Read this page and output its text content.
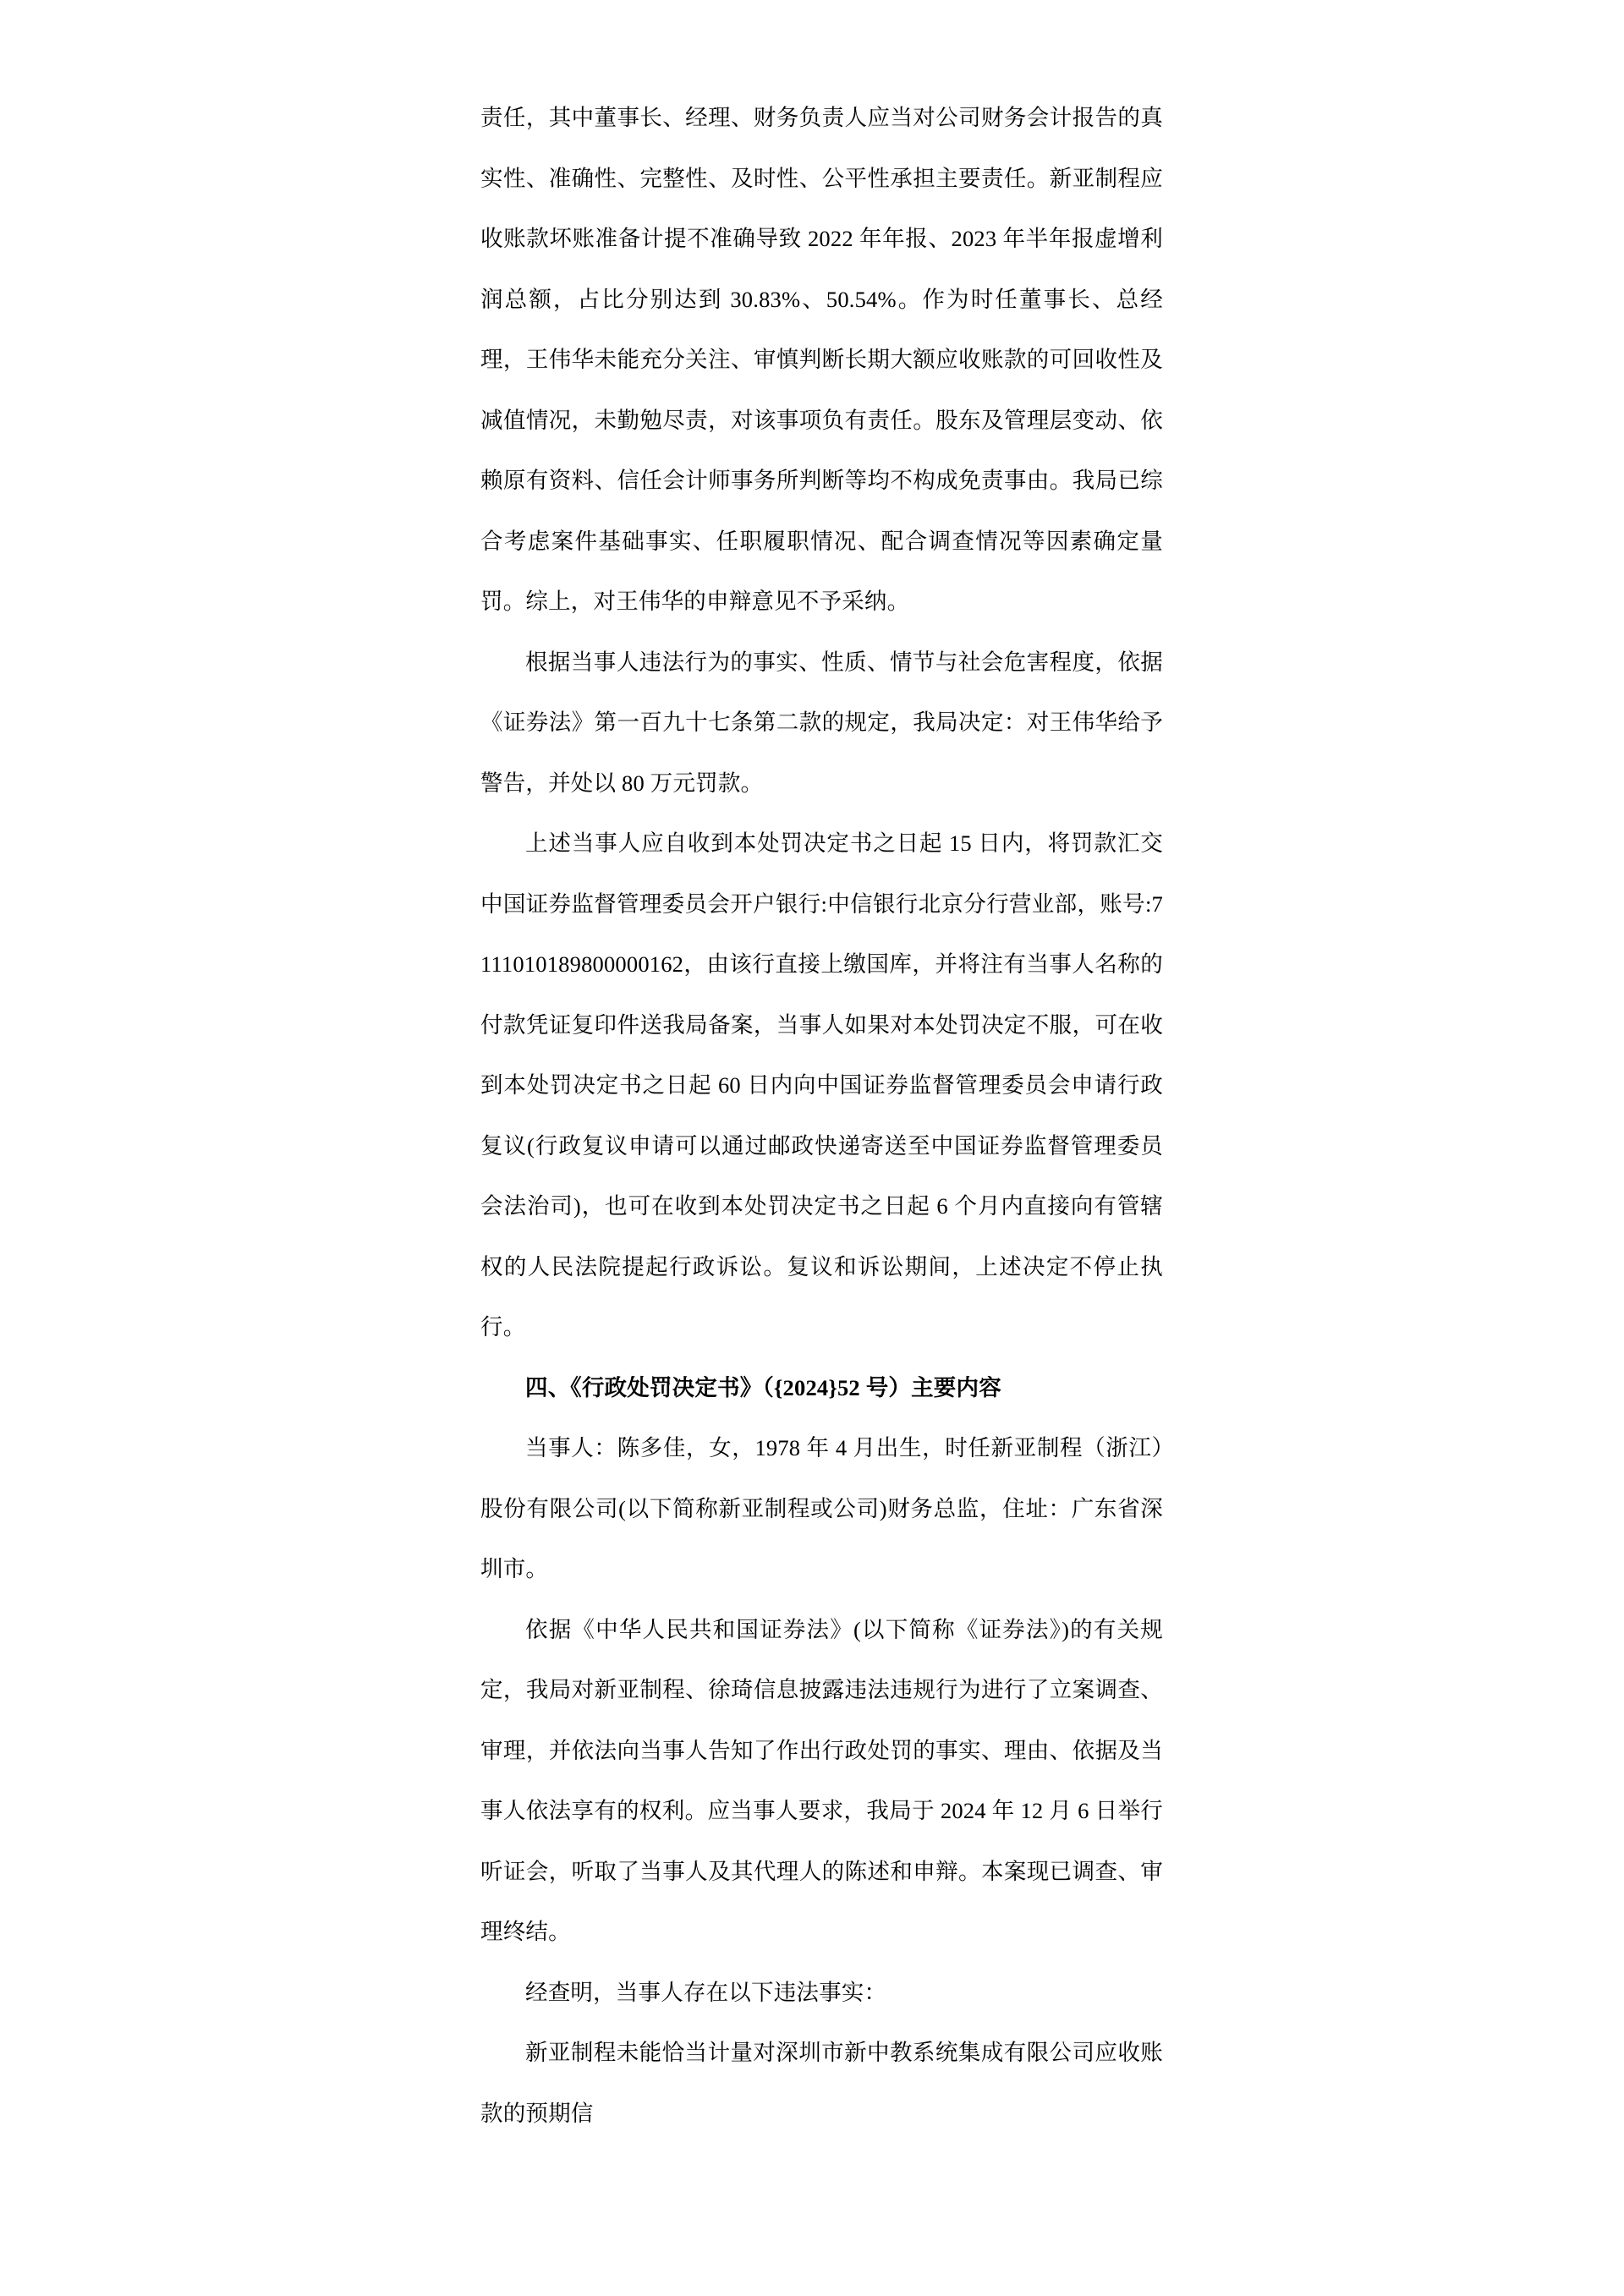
责任，其中董事长、经理、财务负责人应当对公司财务会计报告的真实性、准确性、完整性、及时性、公平性承担主要责任。新亚制程应收账款坏账准备计提不准确导致 2022 年年报、2023 年半年报虚增利润总额，占比分别达到 30.83%、50.54%。作为时任董事长、总经理，王伟华未能充分关注、审慎判断长期大额应收账款的可回收性及减值情况，未勤勉尽责，对该事项负有责任。股东及管理层变动、依赖原有资料、信任会计师事务所判断等均不构成免责事由。我局已综合考虑案件基础事实、任职履职情况、配合调查情况等因素确定量罚。综上，对王伟华的申辩意见不予采纳。

根据当事人违法行为的事实、性质、情节与社会危害程度，依据《证券法》第一百九十七条第二款的规定，我局决定：对王伟华给予警告，并处以 80 万元罚款。

上述当事人应自收到本处罚决定书之日起 15 日内，将罚款汇交中国证券监督管理委员会开户银行:中信银行北京分行营业部，账号:7111010189800000162，由该行直接上缴国库，并将注有当事人名称的付款凭证复印件送我局备案，当事人如果对本处罚决定不服，可在收到本处罚决定书之日起 60 日内向中国证券监督管理委员会申请行政复议(行政复议申请可以通过邮政快递寄送至中国证券监督管理委员会法治司)，也可在收到本处罚决定书之日起 6 个月内直接向有管辖权的人民法院提起行政诉讼。复议和诉讼期间，上述决定不停止执行。

四、《行政处罚决定书》（{2024}52 号）主要内容

当事人：陈多佳，女，1978 年 4 月出生，时任新亚制程（浙江）股份有限公司(以下简称新亚制程或公司)财务总监，住址：广东省深圳市。

依据《中华人民共和国证券法》(以下简称《证券法》)的有关规定，我局对新亚制程、徐琦信息披露违法违规行为进行了立案调查、审理，并依法向当事人告知了作出行政处罚的事实、理由、依据及当事人依法享有的权利。应当事人要求，我局于 2024 年 12 月 6 日举行听证会，听取了当事人及其代理人的陈述和申辩。本案现已调查、审理终结。

经查明，当事人存在以下违法事实：

新亚制程未能恰当计量对深圳市新中教系统集成有限公司应收账款的预期信
